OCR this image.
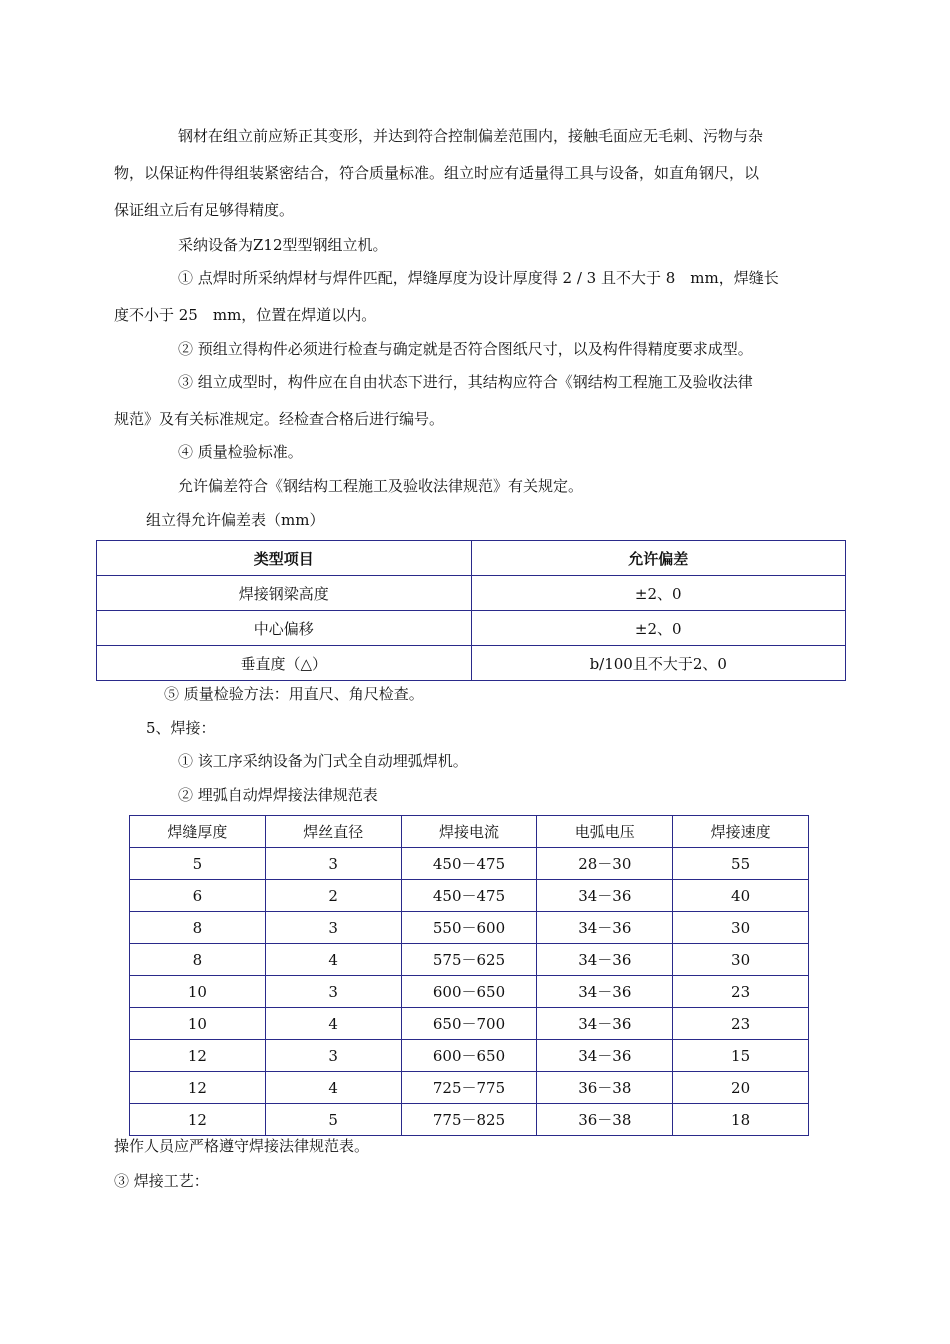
钢材在组立前应矫正其变形，并达到符合控制偏差范围内，接触毛面应无毛刺、污物与杂
物，以保证构件得组装紧密结合，符合质量标准。组立时应有适量得工具与设备，如直角钢尺，以
保证组立后有足够得精度。
采纳设备为Z12型型钢组立机。
① 点焊时所采纳焊材与焊件匹配，焊缝厚度为设计厚度得 2 / 3 且不大于 8　mm，焊缝长
度不小于 25　mm，位置在焊道以内。
② 预组立得构件必须进行检查与确定就是否符合图纸尺寸，以及构件得精度要求成型。
③ 组立成型时，构件应在自由状态下进行，其结构应符合《钢结构工程施工及验收法律
规范》及有关标准规定。经检查合格后进行编号。
④ 质量检验标准。
允许偏差符合《钢结构工程施工及验收法律规范》有关规定。
组立得允许偏差表（mm）
类型项目	允许偏差
焊接钢梁高度	±2、0
中心偏移	±2、0
垂直度（△）	b/100且不大于2、0
⑤ 质量检验方法：用直尺、角尺检查。
5、焊接：
① 该工序采纳设备为门式全自动埋弧焊机。
② 埋弧自动焊焊接法律规范表
焊缝厚度	焊丝直径	焊接电流	电弧电压	焊接速度
5	3	450－475	28－30	55
6	2	450－475	34－36	40
8	3	550－600	34－36	30
8	4	575－625	34－36	30
10	3	600－650	34－36	23
10	4	650－700	34－36	23
12	3	600－650	34－36	15
12	4	725－775	36－38	20
12	5	775－825	36－38	18
操作人员应严格遵守焊接法律规范表。
③ 焊接工艺：
